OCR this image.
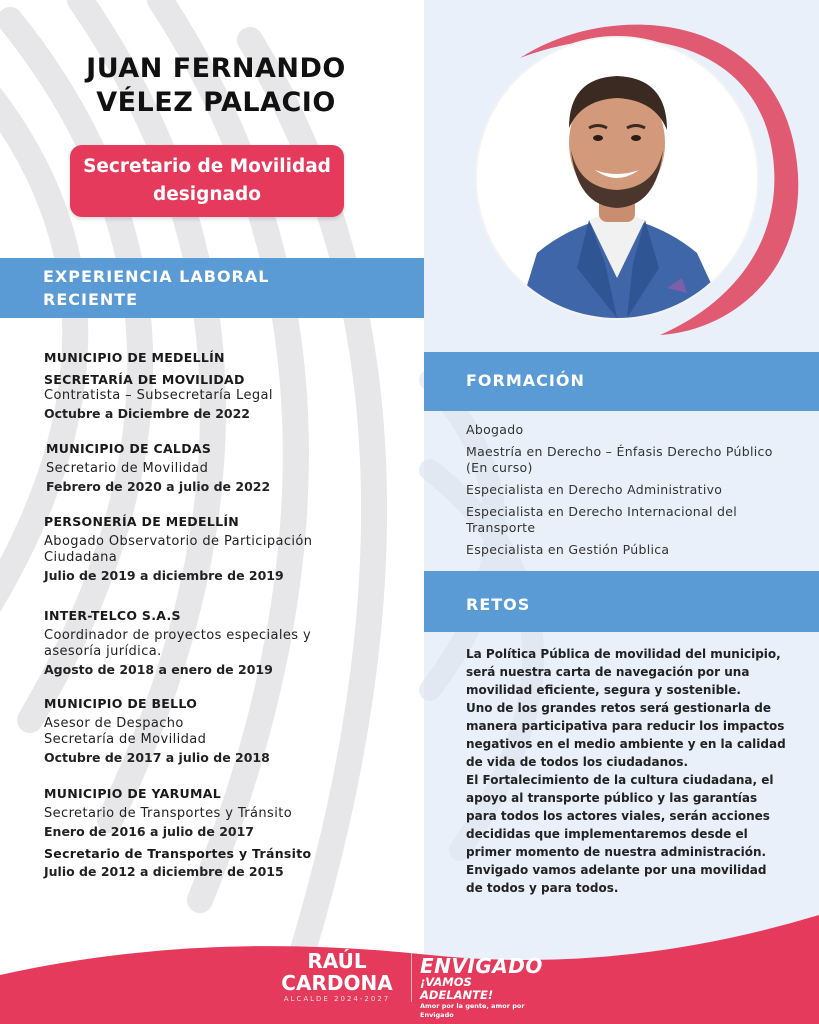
JUAN FERNANDO
VÉLEZ PALACIO
Secretario de Movilidad
designado
EXPERIENCIA LABORAL
RECIENTE
MUNICIPIO DE MEDELLÍN
SECRETARÍA DE MOVILIDAD
Contratista – Subsecretaría Legal
Octubre a Diciembre de 2022
MUNICIPIO DE CALDAS
Secretario de Movilidad
Febrero de 2020 a julio de 2022
PERSONERÍA DE MEDELLÍN
Abogado Observatorio de Participación
Ciudadana
Julio de 2019 a diciembre de 2019
INTER-TELCO S.A.S
Coordinador de proyectos especiales y
asesoría jurídica.
Agosto de 2018 a enero de 2019
MUNICIPIO DE BELLO
Asesor de Despacho
Secretaría de Movilidad
Octubre de 2017 a julio de 2018
MUNICIPIO DE YARUMAL
Secretario de Transportes y Tránsito
Enero de 2016 a julio de 2017
Secretario de Transportes y Tránsito
Julio de 2012 a diciembre de 2015
FORMACIÓN
Abogado
Maestría en Derecho – Énfasis Derecho Público (En curso)
Especialista en Derecho Administrativo
Especialista en Derecho Internacional del Transporte
Especialista en Gestión Pública
RETOS

La Política Pública de movilidad del municipio, será nuestra carta de navegación por una movilidad eficiente, segura y sostenible.

Uno de los grandes retos será gestionarla de manera participativa para reducir los impactos negativos en el medio ambiente y en la calidad de vida de todos los ciudadanos.

El Fortalecimiento de la cultura ciudadana, el apoyo al transporte público y las garantías para todos los actores viales, serán acciones decididas que implementaremos desde el primer momento de nuestra administración.

Envigado vamos adelante por una movilidad de todos y para todos.

RAÚL
CARDONA
ALCALDE 2024-2027
ENVIGADO
¡VAMOS ADELANTE!
Amor por la gente, amor por Envigado
